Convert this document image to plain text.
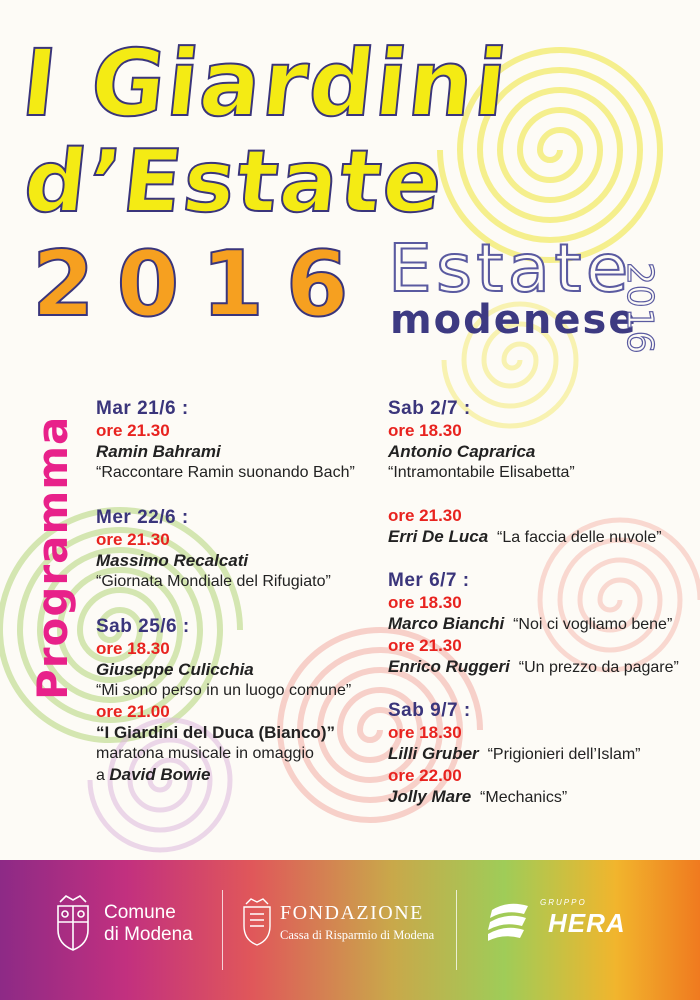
I Giardini
d’Estate
2016 Estate
modenese
2016
Programma
Mar 21/6 :
ore 21.30
Ramin Bahrami
“Raccontare Ramin suonando Bach”
Mer 22/6 :
ore 21.30
Massimo Recalcati
“Giornata Mondiale del Rifugiato”
Sab 25/6 :
ore 18.30
Giuseppe Culicchia
“Mi sono perso in un luogo comune”
ore 21.00
“I Giardini del Duca (Bianco)”
maratona musicale in omaggio
a David Bowie
Sab 2/7 :
ore 18.30
Antonio Caprarica
“Intramontabile Elisabetta”
ore 21.30
Erri De Luca “La faccia delle nuvole”
Mer 6/7 :
ore 18.30
Marco Bianchi “Noi ci vogliamo bene”
ore 21.30
Enrico Ruggeri “Un prezzo da pagare”
Sab 9/7 :
ore 18.30
Lilli Gruber “Prigionieri dell’Islam”
ore 22.00
Jolly Mare “Mechanics”
Comune
di Modena
FONDAZIONE
Cassa di Risparmio di Modena
GRUPPO
HERA
